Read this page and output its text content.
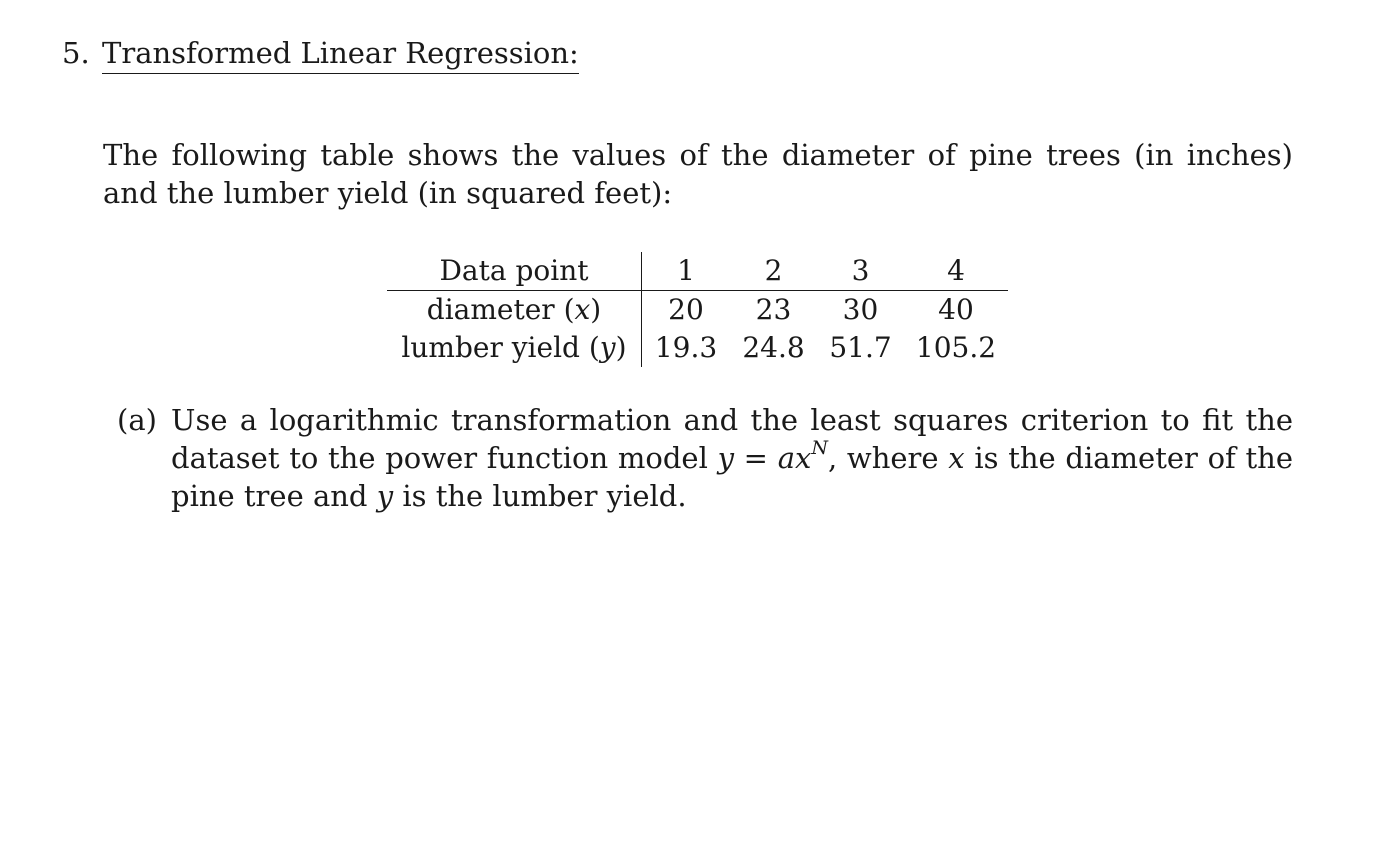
5. Transformed Linear Regression:
The following table shows the values of the diameter of pine trees (in inches) and the lumber yield (in squared feet):
Data point	1	2	3	4
diameter (x)	20	23	30	40
lumber yield (y)	19.3	24.8	51.7	105.2
(a) Use a logarithmic transformation and the least squares criterion to fit the dataset to the power function model $y = ax^N$, where x is the diameter of the pine tree and y is the lumber yield.
